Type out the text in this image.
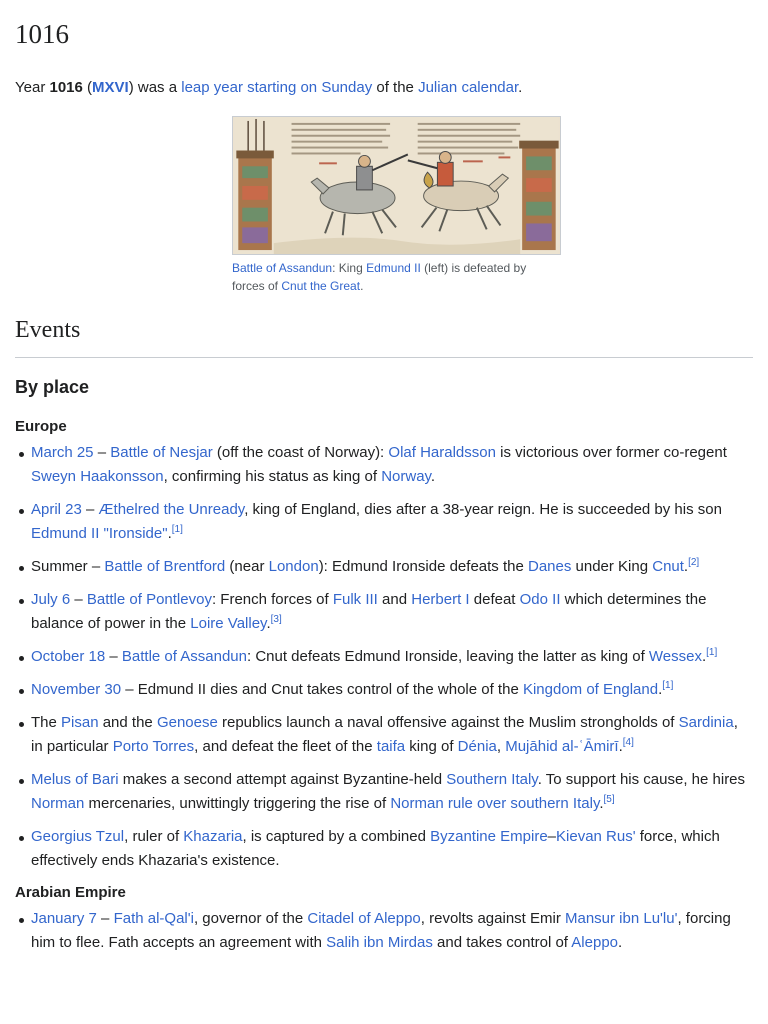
1016

Year 1016 (MXVI) was a leap year starting on Sunday of the Julian calendar.

Battle of Assandun: King Edmund II (left) is defeated by forces of Cnut the Great.
Events
By place
Europe
March 25 – Battle of Nesjar (off the coast of Norway): Olaf Haraldsson is victorious over former co-regent Sweyn Haakonsson, confirming his status as king of Norway.
April 23 – Æthelred the Unready, king of England, dies after a 38-year reign. He is succeeded by his son Edmund II "Ironside".[1]
Summer – Battle of Brentford (near London): Edmund Ironside defeats the Danes under King Cnut.[2]
July 6 – Battle of Pontlevoy: French forces of Fulk III and Herbert I defeat Odo II which determines the balance of power in the Loire Valley.[3]
October 18 – Battle of Assandun: Cnut defeats Edmund Ironside, leaving the latter as king of Wessex.[1]
November 30 – Edmund II dies and Cnut takes control of the whole of the Kingdom of England.[1]
The Pisan and the Genoese republics launch a naval offensive against the Muslim strongholds of Sardinia, in particular Porto Torres, and defeat the fleet of the taifa king of Dénia, Mujāhid al-ʿĀmirī.[4]
Melus of Bari makes a second attempt against Byzantine-held Southern Italy. To support his cause, he hires Norman mercenaries, unwittingly triggering the rise of Norman rule over southern Italy.[5]
Georgius Tzul, ruler of Khazaria, is captured by a combined Byzantine Empire–Kievan Rus' force, which effectively ends Khazaria's existence.
Arabian Empire
January 7 – Fath al-Qal'i, governor of the Citadel of Aleppo, revolts against Emir Mansur ibn Lu'lu', forcing him to flee. Fath accepts an agreement with Salih ibn Mirdas and takes control of Aleppo.
